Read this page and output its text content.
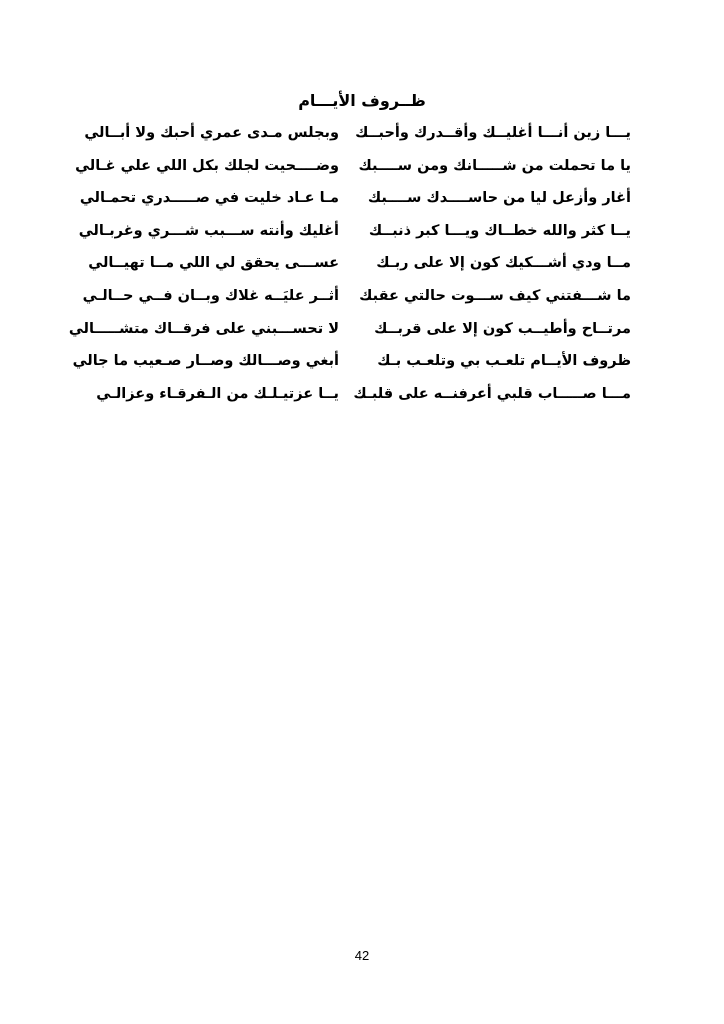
ظــروف الأيـــام
يـــا زين أنـــا أغليــك وأقــدرك وأحبــك
وبجلس مـدى عمري أحبك ولا أبــالي
يا ما تحملت من شـــــانك ومن ســــبك
وضــــحيت لجلك بكل اللي علي غـالي
أغار وأزعل ليا من حاســــدك ســــبك
مـا عـاد خليت في صـــــدري تحمـالي
يــا كثر والله خطــاك ويـــا كبر ذنبــك
أغليك وأنته ســـبب شـــري وغربـالي
مــا ودي أشـــكيك كون إلا على ربـك
عســـى يحقق لي اللي مــا تهيــالي
ما شـــفتني كيف ســـوت حالتي عقبك
أثــر عليَــه غلاك وبــان فــي حــالـي
مرتــاح وأطيــب كون إلا على قربــك
لا تحســـبني على فرقــاك متشـــــالي
ظروف الأيــام تلعـب بي وتلعـب بـك
أبغي وصـــالك وصــار صـعيب ما جالي
مـــا صـــــاب قلبي أعرفنــه على قلبـك
يــا عزتيـلـك من الـفرقـاء وعزالـي
42
